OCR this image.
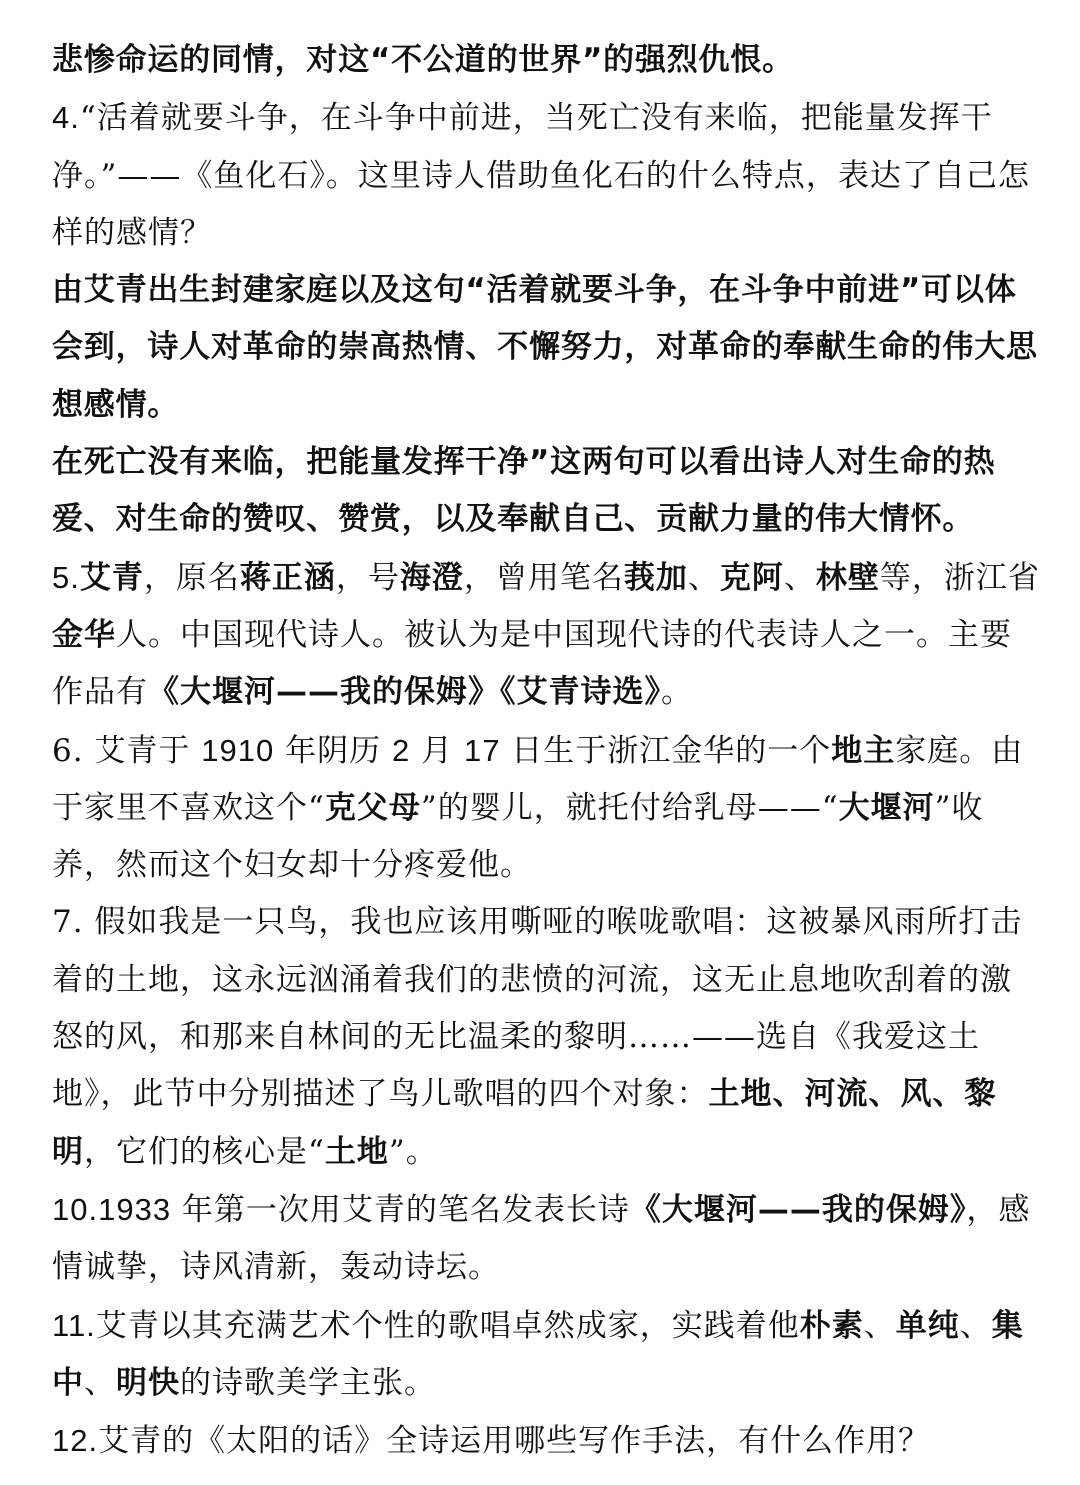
悲惨命运的同情，对这“不公道的世界”的强烈仇恨。

4.“活着就要斗争，在斗争中前进，当死亡没有来临，把能量发挥干净。”——《鱼化石》。这里诗人借助鱼化石的什么特点，表达了自己怎样的感情？

由艾青出生封建家庭以及这句“活着就要斗争，在斗争中前进”可以体会到，诗人对革命的崇高热情、不懈努力，对革命的奉献生命的伟大思想感情。

在死亡没有来临，把能量发挥干净”这两句可以看出诗人对生命的热爱、对生命的赞叹、赞赏，以及奉献自己、贡献力量的伟大情怀。

5.艾青，原名蒋正涵，号海澄，曾用笔名莪加、克阿、林壁等，浙江省金华人。中国现代诗人。被认为是中国现代诗的代表诗人之一。主要作品有《大堰河——我的保姆》《艾青诗选》。

6. 艾青于 1910 年阴历 2 月 17 日生于浙江金华的一个地主家庭。由于家里不喜欢这个“克父母”的婴儿，就托付给乳母——“大堰河”收养，然而这个妇女却十分疼爱他。

7. 假如我是一只鸟，我也应该用嘶哑的喉咙歌唱：这被暴风雨所打击着的土地，这永远汹涌着我们的悲愤的河流，这无止息地吹刮着的激怒的风，和那来自林间的无比温柔的黎明……——选自《我爱这土地》，此节中分别描述了鸟儿歌唱的四个对象：土地、河流、风、黎明，它们的核心是“土地”。

10.1933 年第一次用艾青的笔名发表长诗《大堰河——我的保姆》，感情诚挚，诗风清新，轰动诗坛。

11.艾青以其充满艺术个性的歌唱卓然成家，实践着他朴素、单纯、集中、明快的诗歌美学主张。

12.艾青的《太阳的话》全诗运用哪些写作手法，有什么作用？
